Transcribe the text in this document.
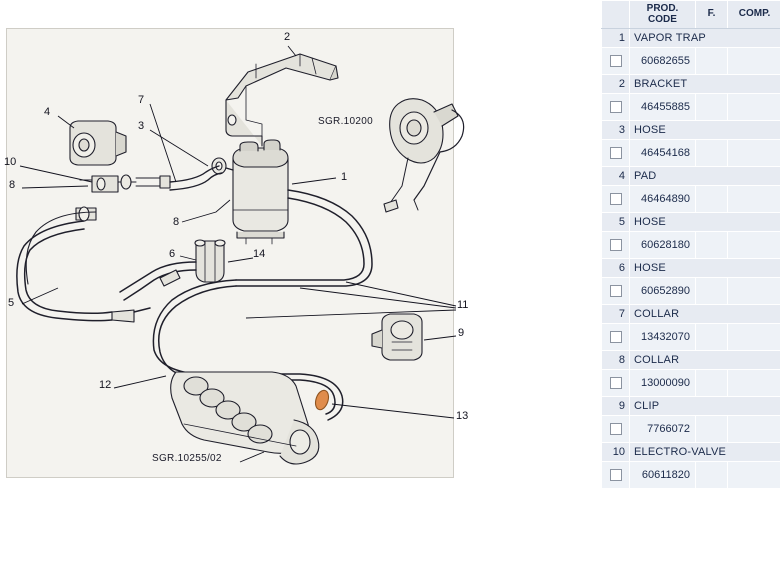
1
2
3
4
5
6
7
8
8
9
10
11
12
13
14
SGR.10200
SGR.10255/02

	PROD.
CODE	F.	COMP.
1	VAPOR TRAP		
	60682655		
2	BRACKET		
	46455885		
3	HOSE		
	46454168		
4	PAD		
	46464890		
5	HOSE		
	60628180		
6	HOSE		
	60652890		
7	COLLAR		
	13432070		
8	COLLAR		
	13000090		
9	CLIP		
	7766072		
10	ELECTRO-VALVE		
	60611820		
